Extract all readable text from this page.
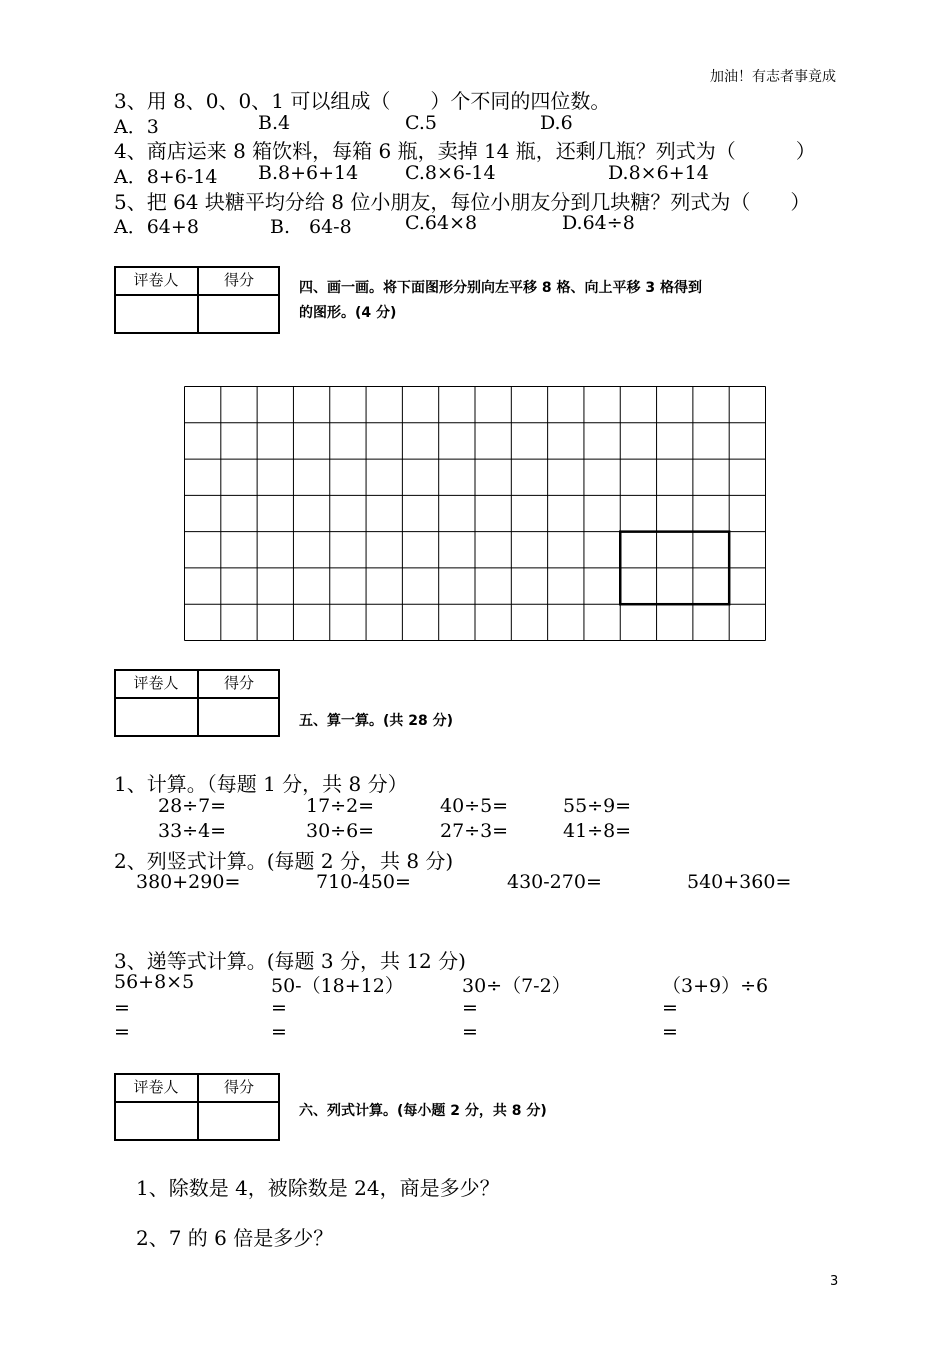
加油！有志者事竟成
3、用 8、0、0、1 可以组成（　　）个不同的四位数。
A．3	B.4	C.5	D.6
4、商店运来 8 箱饮料，每箱 6 瓶，卖掉 14 瓶，还剩几瓶？列式为（　　　）
A．8+6-14 B.8+6+14 C.8×6-14	D.8×6+14
5、把 64 块糖平均分给 8 位小朋友，每位小朋友分到几块糖？列式为（　　）
A．64+8	B.　64-8	C.64×8	D.64÷8
评卷人	得分	四、画一画。将下面图形分别向左平移 8 格、向上平移 3 格得到
的图形。(4 分)
评卷人	得分
五、算一算。(共 28 分)
1、计算。（每题 1 分，共 8 分）
28÷7=	17÷2=	40÷5=	55÷9=
33÷4=	30÷6=	27÷3=	41÷8=
2、列竖式计算。(每题 2 分，共 8 分)
380+290=	710-450=	430-270=	540+360=
3、递等式计算。(每题 3 分，共 12 分)
56+8×5	50-（18+12）	30÷（7-2）	（3+9）÷6
=	=	=	=
=	=	=	=
评卷人	得分
六、列式计算。(每小题 2 分，共 8 分)
1、除数是 4，被除数是 24，商是多少？
2、7 的 6 倍是多少？
3
